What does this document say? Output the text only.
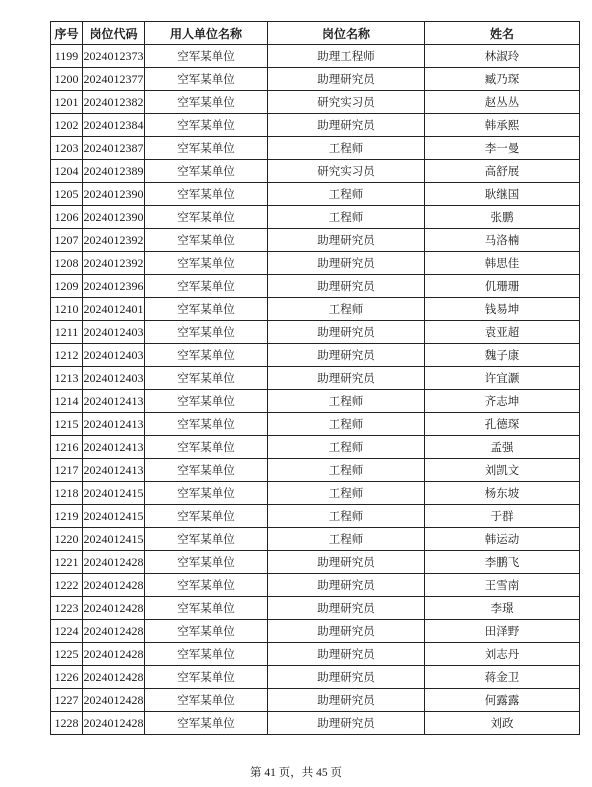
序号	岗位代码	用人单位名称	岗位名称	姓名
1199	2024012373	空军某单位	助理工程师	林淑玲
1200	2024012377	空军某单位	助理研究员	臧乃琛
1201	2024012382	空军某单位	研究实习员	赵丛丛
1202	2024012384	空军某单位	助理研究员	韩承熙
1203	2024012387	空军某单位	工程师	李一曼
1204	2024012389	空军某单位	研究实习员	高舒展
1205	2024012390	空军某单位	工程师	耿继国
1206	2024012390	空军某单位	工程师	张鹏
1207	2024012392	空军某单位	助理研究员	马洛楠
1208	2024012392	空军某单位	助理研究员	韩思佳
1209	2024012396	空军某单位	助理研究员	仉珊珊
1210	2024012401	空军某单位	工程师	钱易坤
1211	2024012403	空军某单位	助理研究员	袁亚超
1212	2024012403	空军某单位	助理研究员	魏子康
1213	2024012403	空军某单位	助理研究员	许宜灏
1214	2024012413	空军某单位	工程师	齐志坤
1215	2024012413	空军某单位	工程师	孔德琛
1216	2024012413	空军某单位	工程师	孟强
1217	2024012413	空军某单位	工程师	刘凯文
1218	2024012415	空军某单位	工程师	杨东坡
1219	2024012415	空军某单位	工程师	于群
1220	2024012415	空军某单位	工程师	韩运动
1221	2024012428	空军某单位	助理研究员	李鹏飞
1222	2024012428	空军某单位	助理研究员	王雪南
1223	2024012428	空军某单位	助理研究员	李璟
1224	2024012428	空军某单位	助理研究员	田泽野
1225	2024012428	空军某单位	助理研究员	刘志丹
1226	2024012428	空军某单位	助理研究员	蒋金卫
1227	2024012428	空军某单位	助理研究员	何露露
1228	2024012428	空军某单位	助理研究员	刘政
第 41 页，共 45 页
